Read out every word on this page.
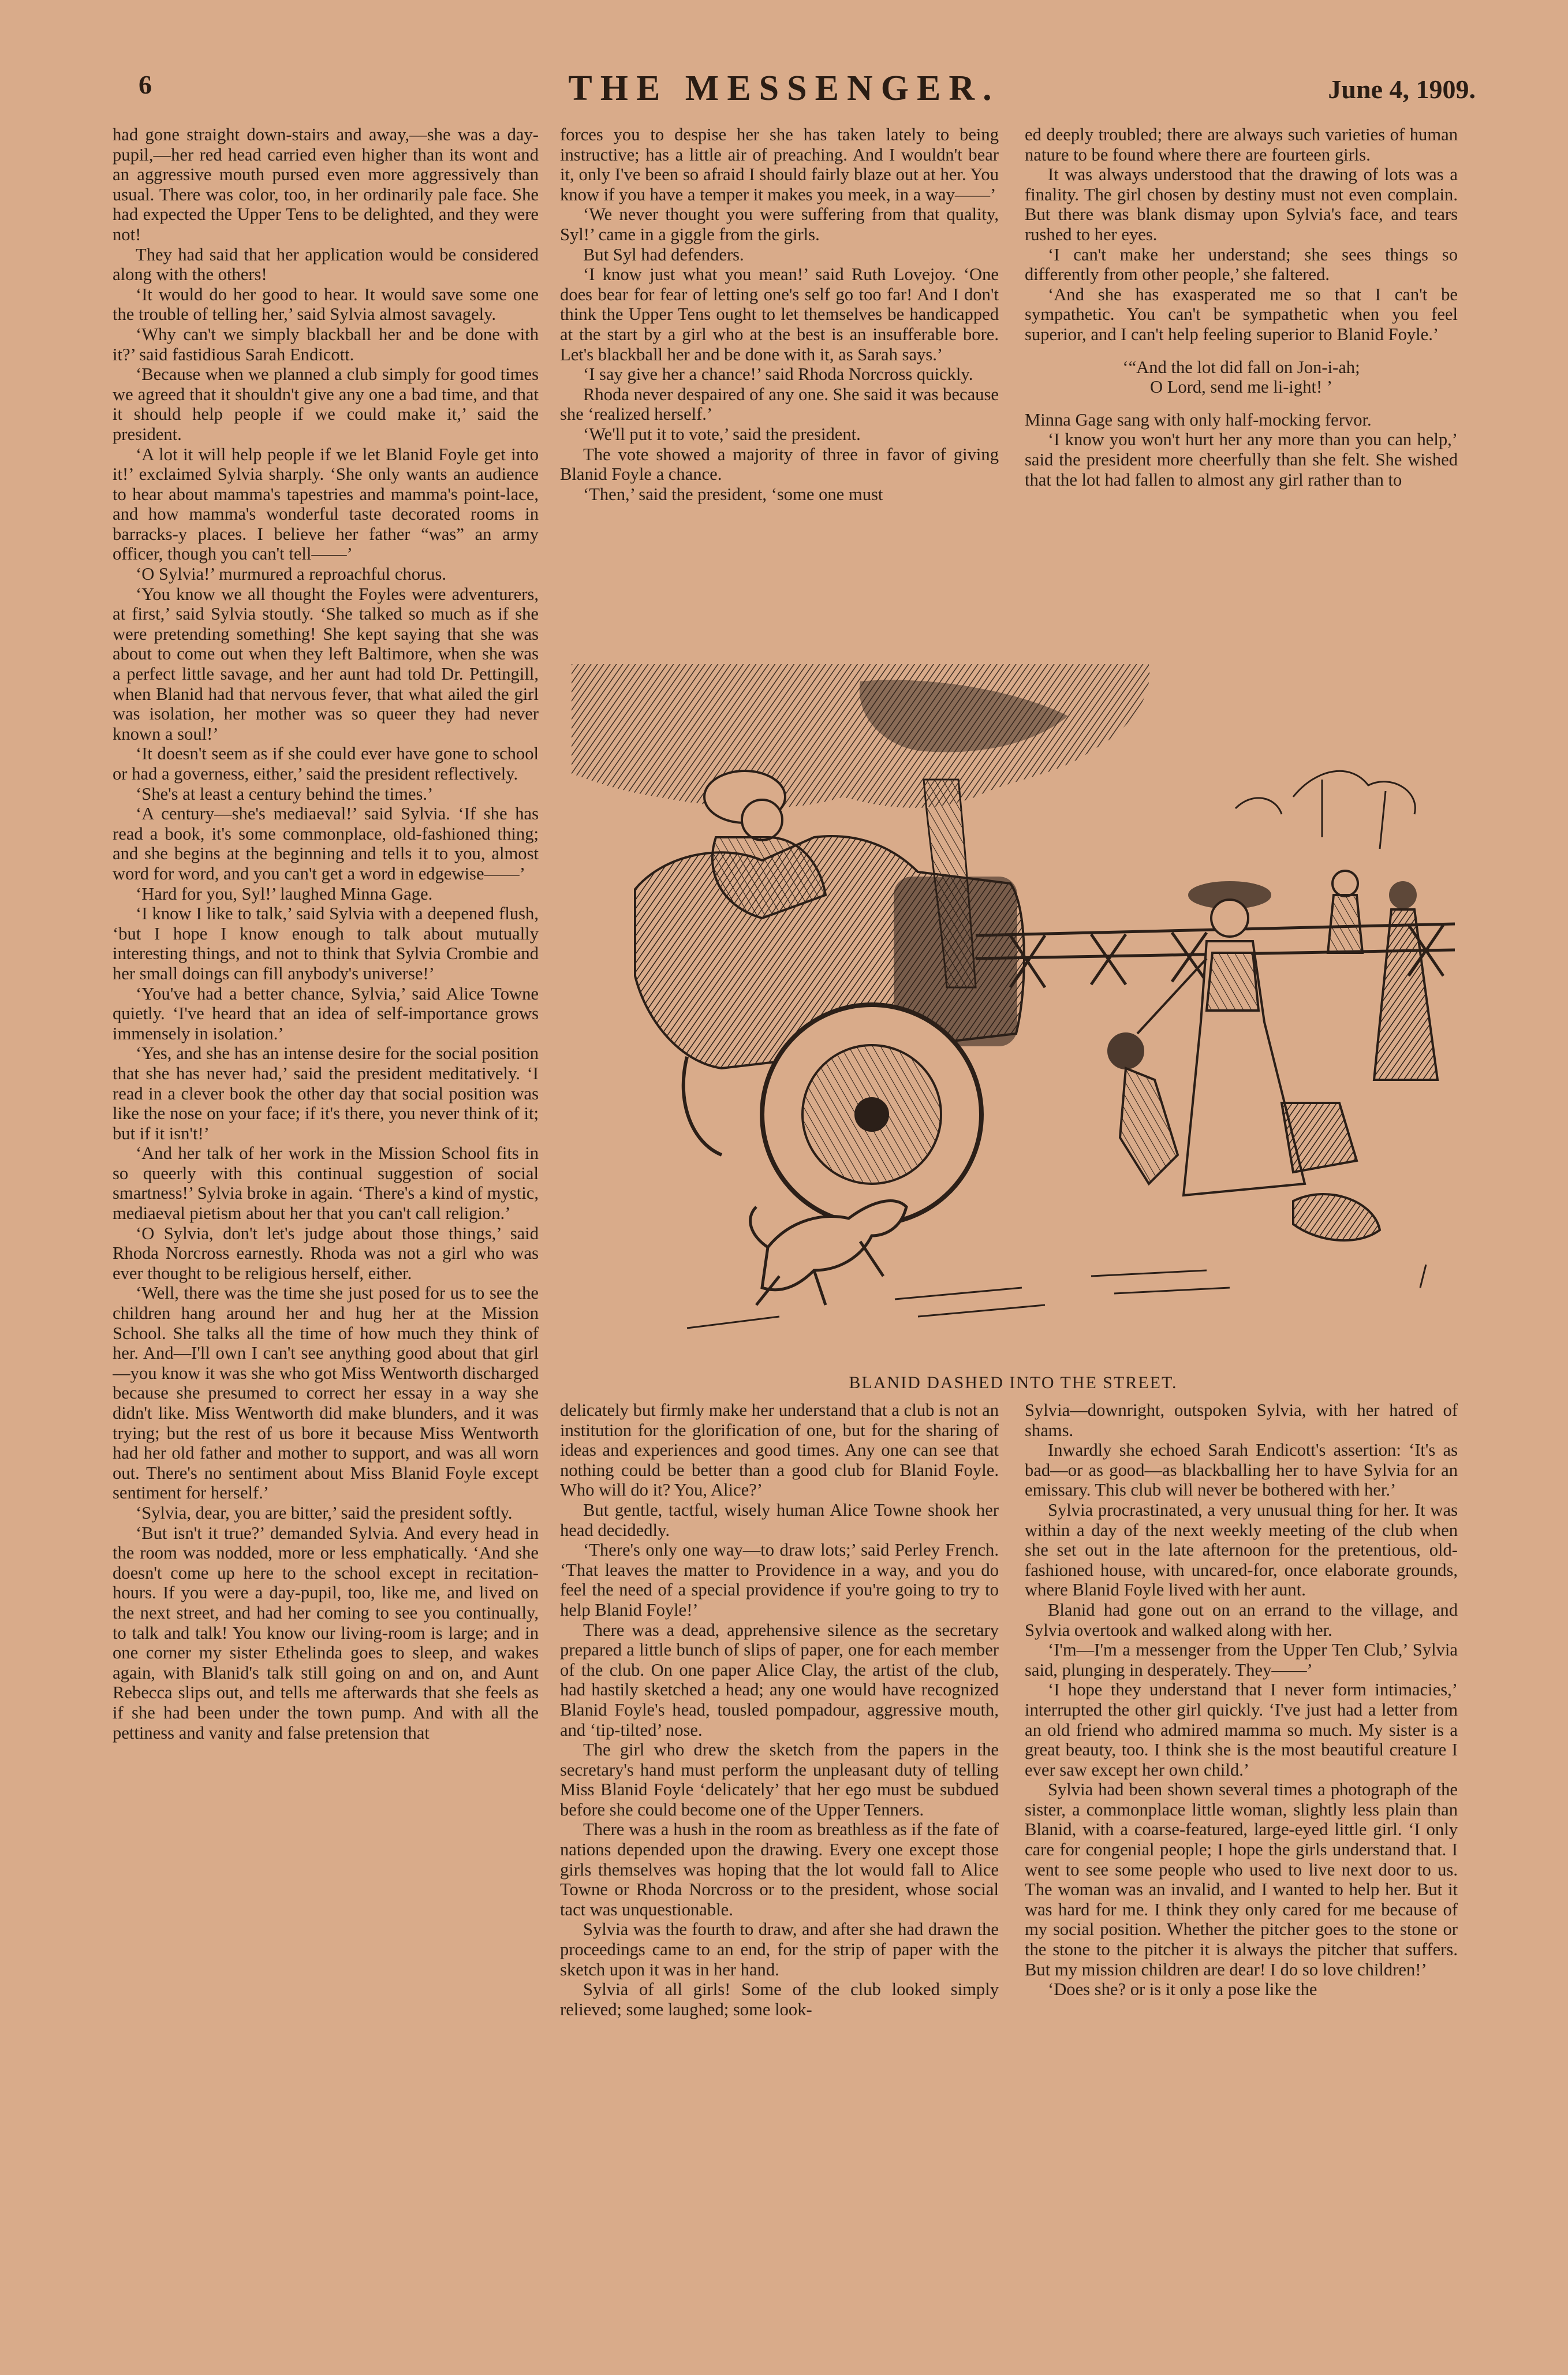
6	THE MESSENGER.	June 4, 1909.

had gone straight down-stairs and away,—she was a day-pupil,—her red head carried even higher than its wont and an aggressive mouth pursed even more aggressively than usual. There was color, too, in her ordinarily pale face. She had expected the Upper Tens to be delighted, and they were not!

They had said that her application would be considered along with the others!

‘It would do her good to hear. It would save some one the trouble of telling her,’ said Sylvia almost savagely.

‘Why can't we simply blackball her and be done with it?’ said fastidious Sarah Endicott.

‘Because when we planned a club simply for good times we agreed that it shouldn't give any one a bad time, and that it should help people if we could make it,’ said the president.

‘A lot it will help people if we let Blanid Foyle get into it!’ exclaimed Sylvia sharply. ‘She only wants an audience to hear about mamma's tapestries and mamma's point-lace, and how mamma's wonderful taste decorated rooms in barracks-y places. I believe her father “was” an army officer, though you can't tell——’

‘O Sylvia!’ murmured a reproachful chorus.

‘You know we all thought the Foyles were adventurers, at first,’ said Sylvia stoutly. ‘She talked so much as if she were pretending something! She kept saying that she was about to come out when they left Baltimore, when she was a perfect little savage, and her aunt had told Dr. Pettingill, when Blanid had that nervous fever, that what ailed the girl was isolation, her mother was so queer they had never known a soul!’

‘It doesn't seem as if she could ever have gone to school or had a governess, either,’ said the president reflectively.

‘She's at least a century behind the times.’

‘A century—she's mediaeval!’ said Sylvia. ‘If she has read a book, it's some commonplace, old-fashioned thing; and she begins at the beginning and tells it to you, almost word for word, and you can't get a word in edgewise——’

‘Hard for you, Syl!’ laughed Minna Gage.

‘I know I like to talk,’ said Sylvia with a deepened flush, ‘but I hope I know enough to talk about mutually interesting things, and not to think that Sylvia Crombie and her small doings can fill anybody's universe!’

‘You've had a better chance, Sylvia,’ said Alice Towne quietly. ‘I've heard that an idea of self-importance grows immensely in isolation.’

‘Yes, and she has an intense desire for the social position that she has never had,’ said the president meditatively. ‘I read in a clever book the other day that social position was like the nose on your face; if it's there, you never think of it; but if it isn't!’

‘And her talk of her work in the Mission School fits in so queerly with this continual suggestion of social smartness!’ Sylvia broke in again. ‘There's a kind of mystic, mediaeval pietism about her that you can't call religion.’

‘O Sylvia, don't let's judge about those things,’ said Rhoda Norcross earnestly. Rhoda was not a girl who was ever thought to be religious herself, either.

‘Well, there was the time she just posed for us to see the children hang around her and hug her at the Mission School. She talks all the time of how much they think of her. And—I'll own I can't see anything good about that girl—you know it was she who got Miss Wentworth discharged because she presumed to correct her essay in a way she didn't like. Miss Wentworth did make blunders, and it was trying; but the rest of us bore it because Miss Wentworth had her old father and mother to support, and was all worn out. There's no sentiment about Miss Blanid Foyle except sentiment for herself.’

‘Sylvia, dear, you are bitter,’ said the president softly.

‘But isn't it true?’ demanded Sylvia. And every head in the room was nodded, more or less emphatically. ‘And she doesn't come up here to the school except in recitation-hours. If you were a day-pupil, too, like me, and lived on the next street, and had her coming to see you continually, to talk and talk! You know our living-room is large; and in one corner my sister Ethelinda goes to sleep, and wakes again, with Blanid's talk still going on and on, and Aunt Rebecca slips out, and tells me afterwards that she feels as if she had been under the town pump. And with all the pettiness and vanity and false pretension that

forces you to despise her she has taken lately to being instructive; has a little air of preaching. And I wouldn't bear it, only I've been so afraid I should fairly blaze out at her. You know if you have a temper it makes you meek, in a way——’

‘We never thought you were suffering from that quality, Syl!’ came in a giggle from the girls.

But Syl had defenders.

‘I know just what you mean!’ said Ruth Lovejoy. ‘One does bear for fear of letting one's self go too far! And I don't think the Upper Tens ought to let themselves be handicapped at the start by a girl who at the best is an insufferable bore. Let's blackball her and be done with it, as Sarah says.’

‘I say give her a chance!’ said Rhoda Norcross quickly.

Rhoda never despaired of any one. She said it was because she ‘realized herself.’

‘We'll put it to vote,’ said the president.

The vote showed a majority of three in favor of giving Blanid Foyle a chance.

‘Then,’ said the president, ‘some one must

ed deeply troubled; there are always such varieties of human nature to be found where there are fourteen girls.

It was always understood that the drawing of lots was a finality. The girl chosen by destiny must not even complain. But there was blank dismay upon Sylvia's face, and tears rushed to her eyes.

‘I can't make her understand; she sees things so differently from other people,’ she faltered.

‘And she has exasperated me so that I can't be sympathetic. You can't be sympathetic when you feel superior, and I can't help feeling superior to Blanid Foyle.’

‘“And the lot did fall on Jon-i-ah;
O Lord, send me li-ight! ’

Minna Gage sang with only half-mocking fervor.

‘I know you won't hurt her any more than you can help,’ said the president more cheerfully than she felt. She wished that the lot had fallen to almost any girl rather than to

BLANID DASHED INTO THE STREET.

delicately but firmly make her understand that a club is not an institution for the glorification of one, but for the sharing of ideas and experiences and good times. Any one can see that nothing could be better than a good club for Blanid Foyle. Who will do it? You, Alice?’

But gentle, tactful, wisely human Alice Towne shook her head decidedly.

‘There's only one way—to draw lots;’ said Perley French. ‘That leaves the matter to Providence in a way, and you do feel the need of a special providence if you're going to try to help Blanid Foyle!’

There was a dead, apprehensive silence as the secretary prepared a little bunch of slips of paper, one for each member of the club. On one paper Alice Clay, the artist of the club, had hastily sketched a head; any one would have recognized Blanid Foyle's head, tousled pompadour, aggressive mouth, and ‘tip-tilted’ nose.

The girl who drew the sketch from the papers in the secretary's hand must perform the unpleasant duty of telling Miss Blanid Foyle ‘delicately’ that her ego must be subdued before she could become one of the Upper Tenners.

There was a hush in the room as breathless as if the fate of nations depended upon the drawing. Every one except those girls themselves was hoping that the lot would fall to Alice Towne or Rhoda Norcross or to the president, whose social tact was unquestionable.

Sylvia was the fourth to draw, and after she had drawn the proceedings came to an end, for the strip of paper with the sketch upon it was in her hand.

Sylvia of all girls! Some of the club looked simply relieved; some laughed; some look-

Sylvia—downright, outspoken Sylvia, with her hatred of shams.

Inwardly she echoed Sarah Endicott's assertion: ‘It's as bad—or as good—as blackballing her to have Sylvia for an emissary. This club will never be bothered with her.’

Sylvia procrastinated, a very unusual thing for her. It was within a day of the next weekly meeting of the club when she set out in the late afternoon for the pretentious, old-fashioned house, with uncared-for, once elaborate grounds, where Blanid Foyle lived with her aunt.

Blanid had gone out on an errand to the village, and Sylvia overtook and walked along with her.

‘I'm—I'm a messenger from the Upper Ten Club,’ Sylvia said, plunging in desperately. They——’

‘I hope they understand that I never form intimacies,’ interrupted the other girl quickly. ‘I've just had a letter from an old friend who admired mamma so much. My sister is a great beauty, too. I think she is the most beautiful creature I ever saw except her own child.’

Sylvia had been shown several times a photograph of the sister, a commonplace little woman, slightly less plain than Blanid, with a coarse-featured, large-eyed little girl. ‘I only care for congenial people; I hope the girls understand that. I went to see some people who used to live next door to us. The woman was an invalid, and I wanted to help her. But it was hard for me. I think they only cared for me because of my social position. Whether the pitcher goes to the stone or the stone to the pitcher it is always the pitcher that suffers. But my mission children are dear! I do so love children!’

‘Does she? or is it only a pose like the
